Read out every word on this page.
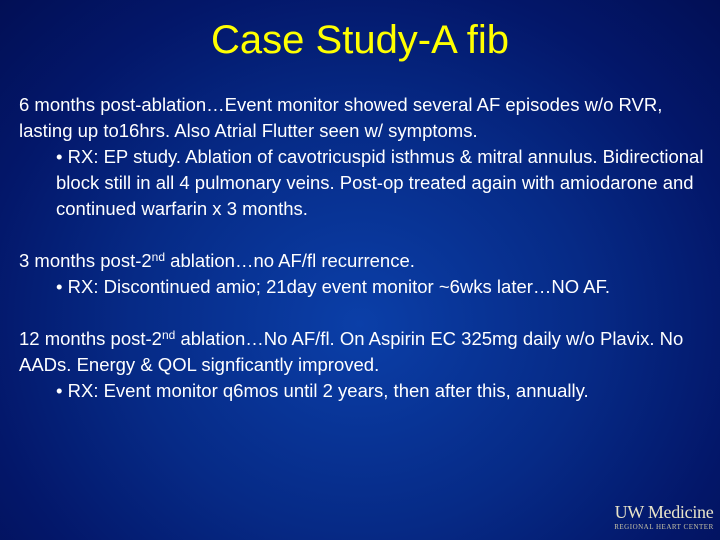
Case Study-A fib

6 months post-ablation…Event monitor showed several AF episodes w/o RVR, lasting up to16hrs. Also Atrial Flutter seen w/ symptoms.

• RX: EP study. Ablation of cavotricuspid isthmus & mitral annulus. Bidirectional block still in all 4 pulmonary veins. Post-op treated again with amiodarone and continued warfarin x 3 months.

3 months post-2nd ablation…no AF/fl recurrence.

• RX: Discontinued amio; 21day event monitor ~6wks later…NO AF.

12 months post-2nd ablation…No AF/fl. On Aspirin EC 325mg daily w/o Plavix. No AADs. Energy & QOL signficantly improved.

• RX: Event monitor q6mos until 2 years, then after this, annually.

UW Medicine
REGIONAL HEART CENTER
